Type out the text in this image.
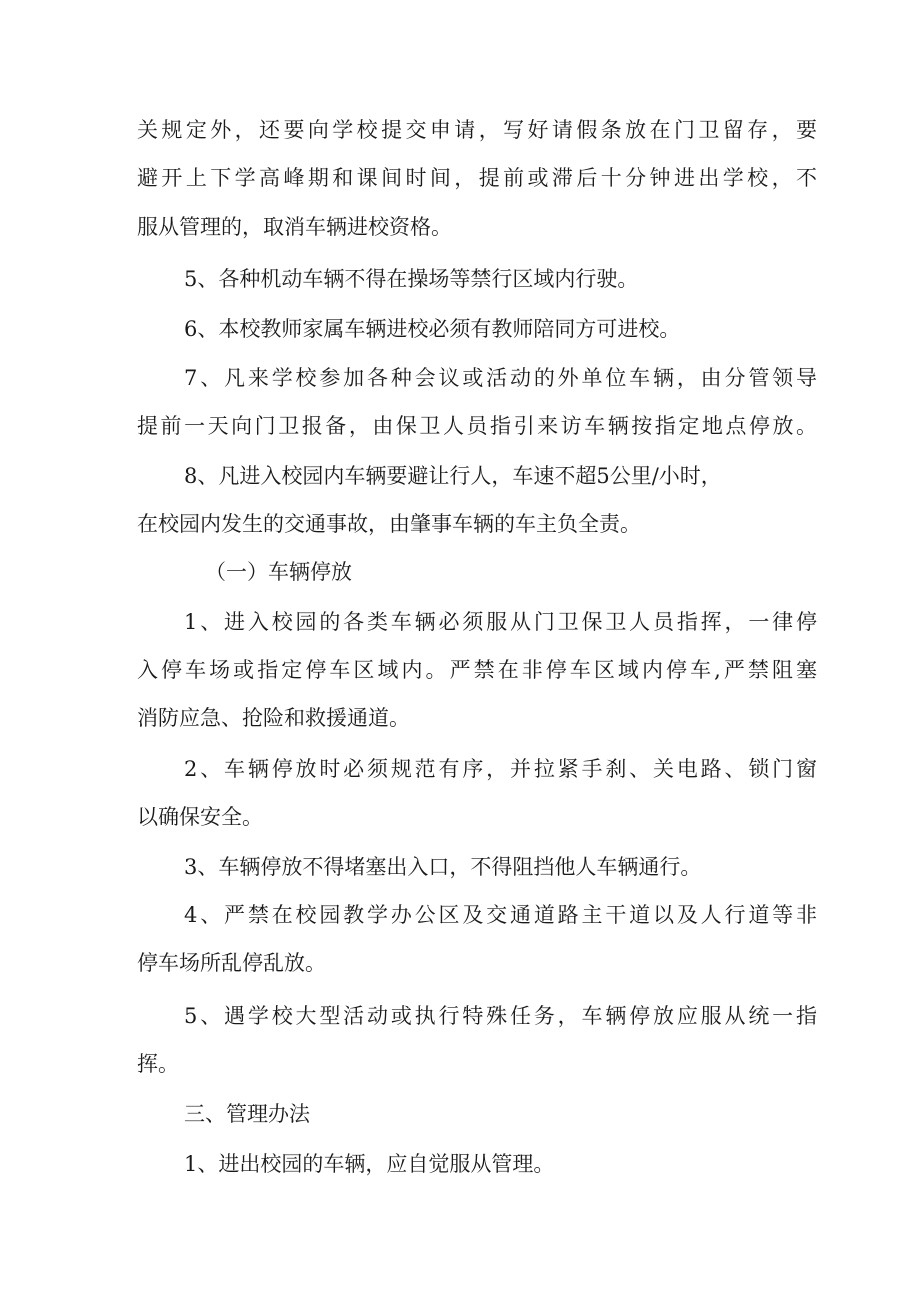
关规定外，还要向学校提交申请，写好请假条放在门卫留存，要

避开上下学高峰期和课间时间，提前或滞后十分钟进出学校，不

服从管理的，取消车辆进校资格。

5、各种机动车辆不得在操场等禁行区域内行驶。

6、本校教师家属车辆进校必须有教师陪同方可进校。

7、凡来学校参加各种会议或活动的外单位车辆，由分管领导

提前一天向门卫报备，由保卫人员指引来访车辆按指定地点停放。

8、凡进入校园内车辆要避让行人，车速不超5公里/小时，

在校园内发生的交通事故，由肇事车辆的车主负全责。

（一）车辆停放

1、进入校园的各类车辆必须服从门卫保卫人员指挥，一律停

入停车场或指定停车区域内。严禁在非停车区域内停车,严禁阻塞

消防应急、抢险和救援通道。

2、车辆停放时必须规范有序，并拉紧手刹、关电路、锁门窗

以确保安全。

3、车辆停放不得堵塞出入口，不得阻挡他人车辆通行。

4、严禁在校园教学办公区及交通道路主干道以及人行道等非

停车场所乱停乱放。

5、遇学校大型活动或执行特殊任务，车辆停放应服从统一指

挥。

三、管理办法

1、进出校园的车辆，应自觉服从管理。
